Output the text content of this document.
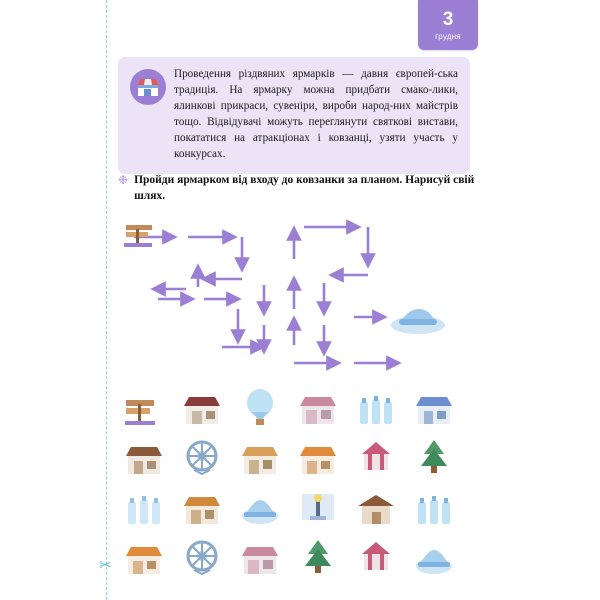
✂
3
грудня
Проведення різдвяних ярмарків — давня європей-ська традиція. На ярмарку можна придбати смако-лики, ялинкові прикраси, сувеніри, вироби народ-них майстрів тощо. Відвідувачі можуть переглянути святкові вистави, покататися на атракціонах і ковзанці, узяти участь у конкурсах.
❉ Пройди ярмарком від входу до ковзанки за планом. Нарисуй свій шлях.
